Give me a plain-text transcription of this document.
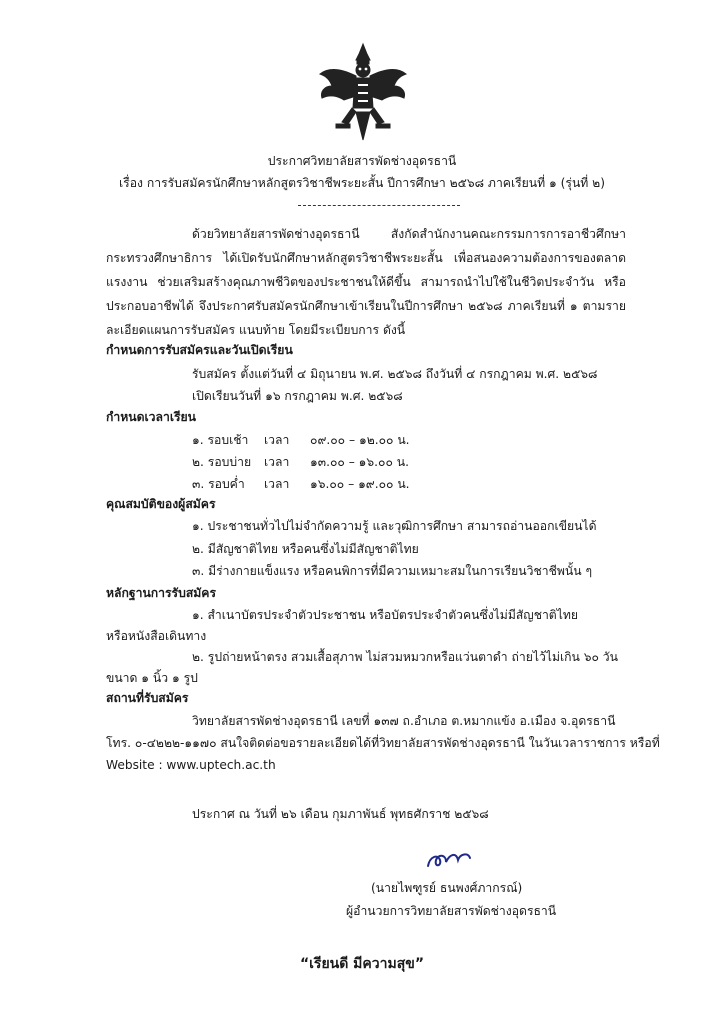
ประกาศวิทยาลัยสารพัดช่างอุดรธานี
เรื่อง การรับสมัครนักศึกษาหลักสูตรวิชาชีพระยะสั้น ปีการศึกษา ๒๕๖๘ ภาคเรียนที่ ๑ (รุ่นที่ ๒)
ด้วยวิทยาลัยสารพัดช่างอุดรธานี สังกัดสำนักงานคณะกรรมการการอาชีวศึกษา กระทรวงศึกษาธิการ ได้เปิดรับนักศึกษาหลักสูตรวิชาชีพระยะสั้น เพื่อสนองความต้องการของตลาดแรงงาน ช่วยเสริมสร้างคุณภาพชีวิตของประชาชนให้ดีขึ้น สามารถนำไปใช้ในชีวิตประจำวัน หรือประกอบอาชีพได้ จึงประกาศรับสมัครนักศึกษาเข้าเรียนในปีการศึกษา ๒๕๖๘ ภาคเรียนที่ ๑ ตามรายละเอียดแผนการรับสมัคร แนบท้าย โดยมีระเบียบการ ดังนี้
กำหนดการรับสมัครและวันเปิดเรียน
รับสมัคร ตั้งแต่วันที่ ๔ มิถุนายน พ.ศ. ๒๕๖๘ ถึงวันที่ ๔ กรกฎาคม พ.ศ. ๒๕๖๘
เปิดเรียนวันที่ ๑๖ กรกฎาคม พ.ศ. ๒๕๖๘
กำหนดเวลาเรียน
๑. รอบเช้า เวลา ๐๙.๐๐ – ๑๒.๐๐ น.
๒. รอบบ่าย เวลา ๑๓.๐๐ – ๑๖.๐๐ น.
๓. รอบค่ำ เวลา ๑๖.๐๐ – ๑๙.๐๐ น.
คุณสมบัติของผู้สมัคร
๑. ประชาชนทั่วไปไม่จำกัดความรู้ และวุฒิการศึกษา สามารถอ่านออกเขียนได้
๒. มีสัญชาติไทย หรือคนซึ่งไม่มีสัญชาติไทย
๓. มีร่างกายแข็งแรง หรือคนพิการที่มีความเหมาะสมในการเรียนวิชาชีพนั้น ๆ
หลักฐานการรับสมัคร
๑. สำเนาบัตรประจำตัวประชาชน หรือบัตรประจำตัวคนซึ่งไม่มีสัญชาติไทย
หรือหนังสือเดินทาง
๒. รูปถ่ายหน้าตรง สวมเสื้อสุภาพ ไม่สวมหมวกหรือแว่นตาดำ ถ่ายไว้ไม่เกิน ๖๐ วัน
ขนาด ๑ นิ้ว ๑ รูป
สถานที่รับสมัคร
วิทยาลัยสารพัดช่างอุดรธานี เลขที่ ๑๓๗ ถ.อำเภอ ต.หมากแข้ง อ.เมือง จ.อุดรธานี
โทร. ๐-๔๒๒๒-๑๑๗๐ สนใจติดต่อขอรายละเอียดได้ที่วิทยาลัยสารพัดช่างอุดรธานี ในวันเวลาราชการ หรือที่
Website : www.uptech.ac.th
ประกาศ ณ วันที่ ๒๖ เดือน กุมภาพันธ์ พุทธศักราช ๒๕๖๘
(นายไพฑูรย์ ธนพงศ์ภากรณ์)
ผู้อำนวยการวิทยาลัยสารพัดช่างอุดรธานี
“เรียนดี มีความสุข”
